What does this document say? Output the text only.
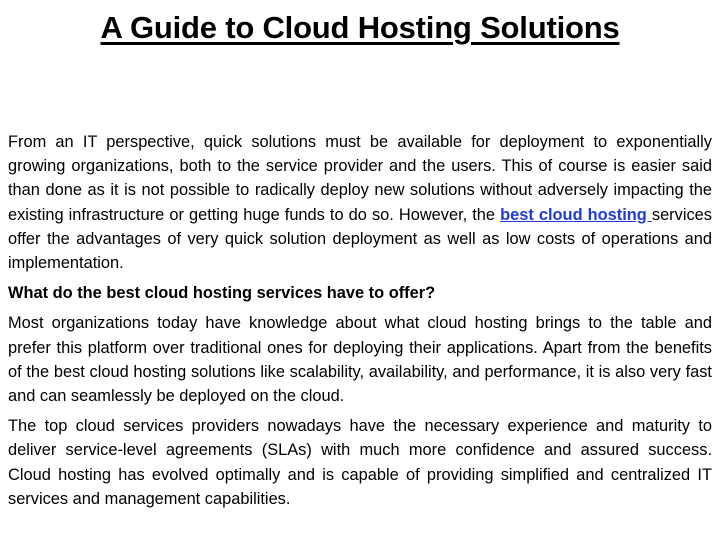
A Guide to Cloud Hosting Solutions

From an IT perspective, quick solutions must be available for deployment to exponentially growing organizations, both to the service provider and the users. This of course is easier said than done as it is not possible to radically deploy new solutions without adversely impacting the existing infrastructure or getting huge funds to do so. However, the best cloud hosting services offer the advantages of very quick solution deployment as well as low costs of operations and implementation.

What do the best cloud hosting services have to offer?

Most organizations today have knowledge about what cloud hosting brings to the table and prefer this platform over traditional ones for deploying their applications. Apart from the benefits of the best cloud hosting solutions like scalability, availability, and performance, it is also very fast and can seamlessly be deployed on the cloud.

The top cloud services providers nowadays have the necessary experience and maturity to deliver service-level agreements (SLAs) with much more confidence and assured success. Cloud hosting has evolved optimally and is capable of providing simplified and centralized IT services and management capabilities.
